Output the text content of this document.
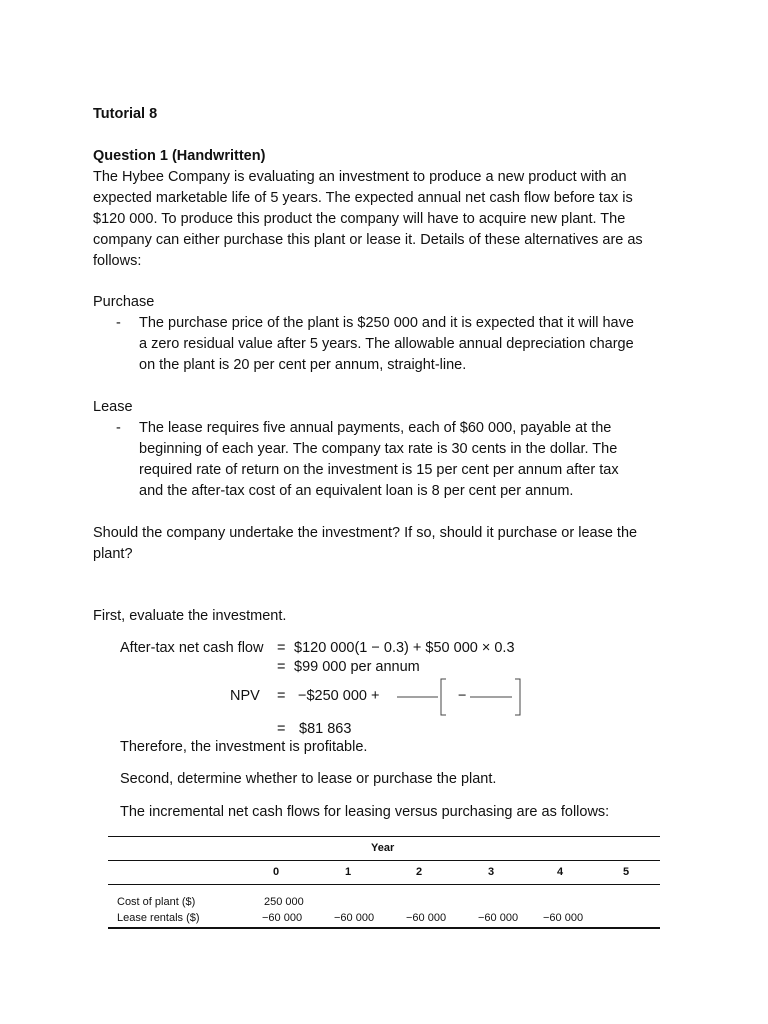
Tutorial 8
Question 1 (Handwritten)
The Hybee Company is evaluating an investment to produce a new product with an
expected marketable life of 5 years. The expected annual net cash flow before tax is
$120 000. To produce this product the company will have to acquire new plant. The
company can either purchase this plant or lease it. Details of these alternatives are as
follows:
Purchase
- The purchase price of the plant is $250 000 and it is expected that it will have
a zero residual value after 5 years. The allowable annual depreciation charge
on the plant is 20 per cent per annum, straight-line.
Lease
- The lease requires five annual payments, each of $60 000, payable at the
beginning of each year. The company tax rate is 30 cents in the dollar. The
required rate of return on the investment is 15 per cent per annum after tax
and the after-tax cost of an equivalent loan is 8 per cent per annum.
Should the company undertake the investment? If so, should it purchase or lease the
plant?
First, evaluate the investment.
After-tax net cash flow = $120 000(1 − 0.3) + $50 000 × 0.3
= $99 000 per annum
NPV = −$250 000 +	−
= $81 863
Therefore, the investment is profitable.
Second, determine whether to lease or purchase the plant.
The incremental net cash flows for leasing versus purchasing are as follows:
Year
0	1	2	3	4	5
Cost of plant ($)	250 000
Lease rentals ($)	−60 000	−60 000	−60 000	−60 000 −60 000
